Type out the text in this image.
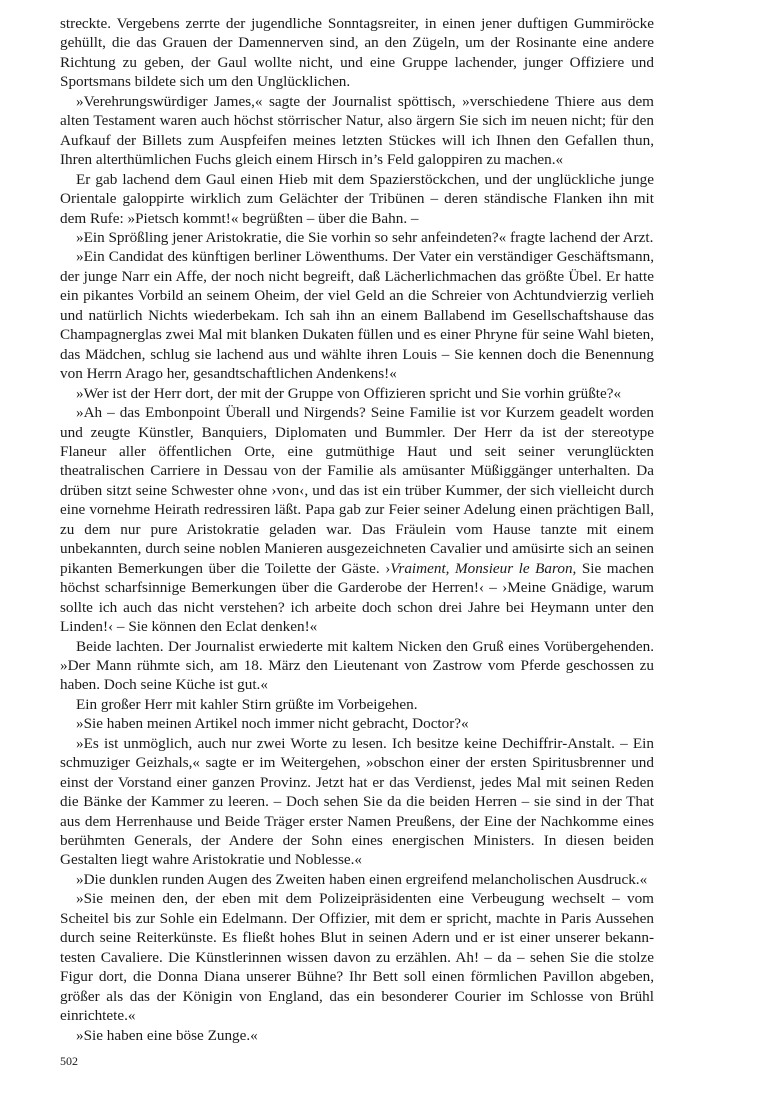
streckte. Vergebens zerrte der jugendliche Sonntagsreiter, in einen jener duftigen Gummiröcke gehüllt, die das Grauen der Damennerven sind, an den Zügeln, um der Rosinante eine andere Richtung zu geben, der Gaul wollte nicht, und eine Gruppe lachender, junger Offiziere und Sportsmans bildete sich um den Unglücklichen.

»Verehrungswürdiger James,« sagte der Journalist spöttisch, »verschiedene Thiere aus dem alten Testament waren auch höchst störrischer Natur, also ärgern Sie sich im neuen nicht; für den Aufkauf der Billets zum Auspfeifen meines letzten Stückes will ich Ihnen den Gefallen thun, Ihren alterthümlichen Fuchs gleich einem Hirsch in’s Feld galoppiren zu machen.«

Er gab lachend dem Gaul einen Hieb mit dem Spazierstöckchen, und der unglückliche junge Orientale galoppirte wirklich zum Gelächter der Tribünen – deren ständische Flanken ihn mit dem Rufe: »Pietsch kommt!« begrüßten – über die Bahn. –

»Ein Sprößling jener Aristokratie, die Sie vorhin so sehr anfeindeten?« fragte lachend der Arzt.

»Ein Candidat des künftigen berliner Löwenthums. Der Vater ein verständiger Geschäftsmann, der junge Narr ein Affe, der noch nicht begreift, daß Lächerlichmachen das größte Übel. Er hatte ein pikantes Vorbild an seinem Oheim, der viel Geld an die Schreier von Achtundvierzig verlieh und natürlich Nichts wiederbekam. Ich sah ihn an einem Ballabend im Gesellschaftshause das Champagnerglas zwei Mal mit blanken Dukaten füllen und es einer Phryne für seine Wahl bieten, das Mädchen, schlug sie lachend aus und wählte ihren Louis – Sie kennen doch die Benennung von Herrn Arago her, gesandtschaftlichen Andenkens!«

»Wer ist der Herr dort, der mit der Gruppe von Offizieren spricht und Sie vorhin grüßte?«

»Ah – das Embonpoint Überall und Nirgends? Seine Familie ist vor Kurzem geadelt worden und zeugte Künstler, Banquiers, Diplomaten und Bummler. Der Herr da ist der stereotype Flaneur aller öffentlichen Orte, eine gutmüthige Haut und seit seiner verunglückten theatralischen Carriere in Dessau von der Familie als amüsanter Müßiggänger unterhalten. Da drüben sitzt seine Schwester ohne ›von‹, und das ist ein trüber Kummer, der sich vielleicht durch eine vornehme Heirath redressiren läßt. Papa gab zur Feier seiner Adelung einen prächtigen Ball, zu dem nur pure Aristokratie geladen war. Das Fräulein vom Hause tanzte mit einem unbekannten, durch seine noblen Manieren ausgezeichneten Cavalier und amüsirte sich an seinen pikanten Bemerkungen über die Toilette der Gäste. ›Vraiment, Monsieur le Baron, Sie machen höchst scharfsinnige Bemerkungen über die Garderobe der Herren!‹ – ›Meine Gnädige, warum sollte ich auch das nicht verstehen? ich arbeite doch schon drei Jahre bei Heymann unter den Linden!‹ – Sie können den Eclat denken!«

Beide lachten. Der Journalist erwiederte mit kaltem Nicken den Gruß eines Vorübergehenden. »Der Mann rühmte sich, am 18. März den Lieutenant von Zastrow vom Pferde geschossen zu haben. Doch seine Küche ist gut.«

Ein großer Herr mit kahler Stirn grüßte im Vorbeigehen.

»Sie haben meinen Artikel noch immer nicht gebracht, Doctor?«

»Es ist unmöglich, auch nur zwei Worte zu lesen. Ich besitze keine Dechiffrir-Anstalt. – Ein schmuziger Geizhals,« sagte er im Weitergehen, »obschon einer der ersten Spiritusbrenner und einst der Vorstand einer ganzen Provinz. Jetzt hat er das Verdienst, jedes Mal mit seinen Reden die Bänke der Kammer zu leeren. – Doch sehen Sie da die beiden Herren – sie sind in der That aus dem Herrenhause und Beide Träger erster Namen Preußens, der Eine der Nachkomme eines berühmten Generals, der Andere der Sohn eines energischen Ministers. In diesen beiden Gestalten liegt wahre Aristokratie und Noblesse.«

»Die dunklen runden Augen des Zweiten haben einen ergreifend melancholischen Ausdruck.«

»Sie meinen den, der eben mit dem Polizeipräsidenten eine Verbeugung wechselt – vom Scheitel bis zur Sohle ein Edelmann. Der Offizier, mit dem er spricht, machte in Paris Aussehen durch seine Reiterkünste. Es fließt hohes Blut in seinen Adern und er ist einer unserer bekanntesten Cavaliere. Die Künstlerinnen wissen davon zu erzählen. Ah! – da – sehen Sie die stolze Figur dort, die Donna Diana unserer Bühne? Ihr Bett soll einen förmlichen Pavillon abgeben, größer als das der Königin von England, das ein besonderer Courier im Schlosse von Brühl einrichtete.«

»Sie haben eine böse Zunge.«

502
